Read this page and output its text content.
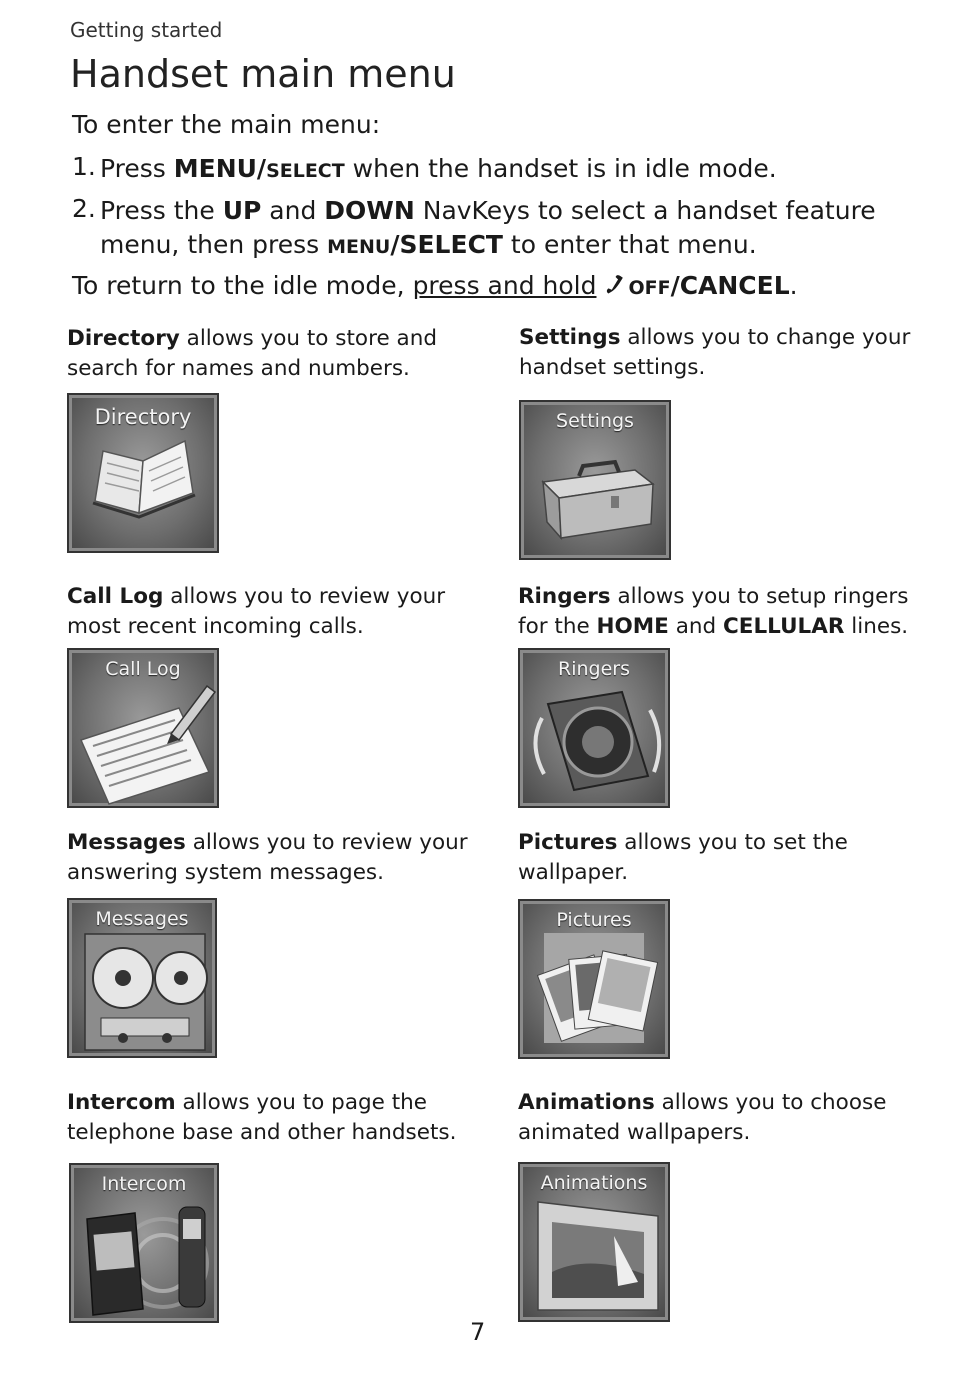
Getting started
Handset main menu
To enter the main menu:
1. Press MENU/SELECT when the handset is in idle mode.
2. Press the UP and DOWN NavKeys to select a handset feature menu, then press MENU/SELECT to enter that menu.
To return to the idle mode, press and hold OFF/CANCEL.
Directory allows you to store and search for names and numbers.
Directory
Settings allows you to change your handset settings.
Settings
Call Log allows you to review your most recent incoming calls.
Call Log
Ringers allows you to setup ringers for the HOME and CELLULAR lines.
Ringers
Messages allows you to review your answering system messages.
Messages
Pictures allows you to set the wallpaper.
Pictures
Intercom allows you to page the telephone base and other handsets.
Intercom
Animations allows you to choose animated wallpapers.
Animations
7
